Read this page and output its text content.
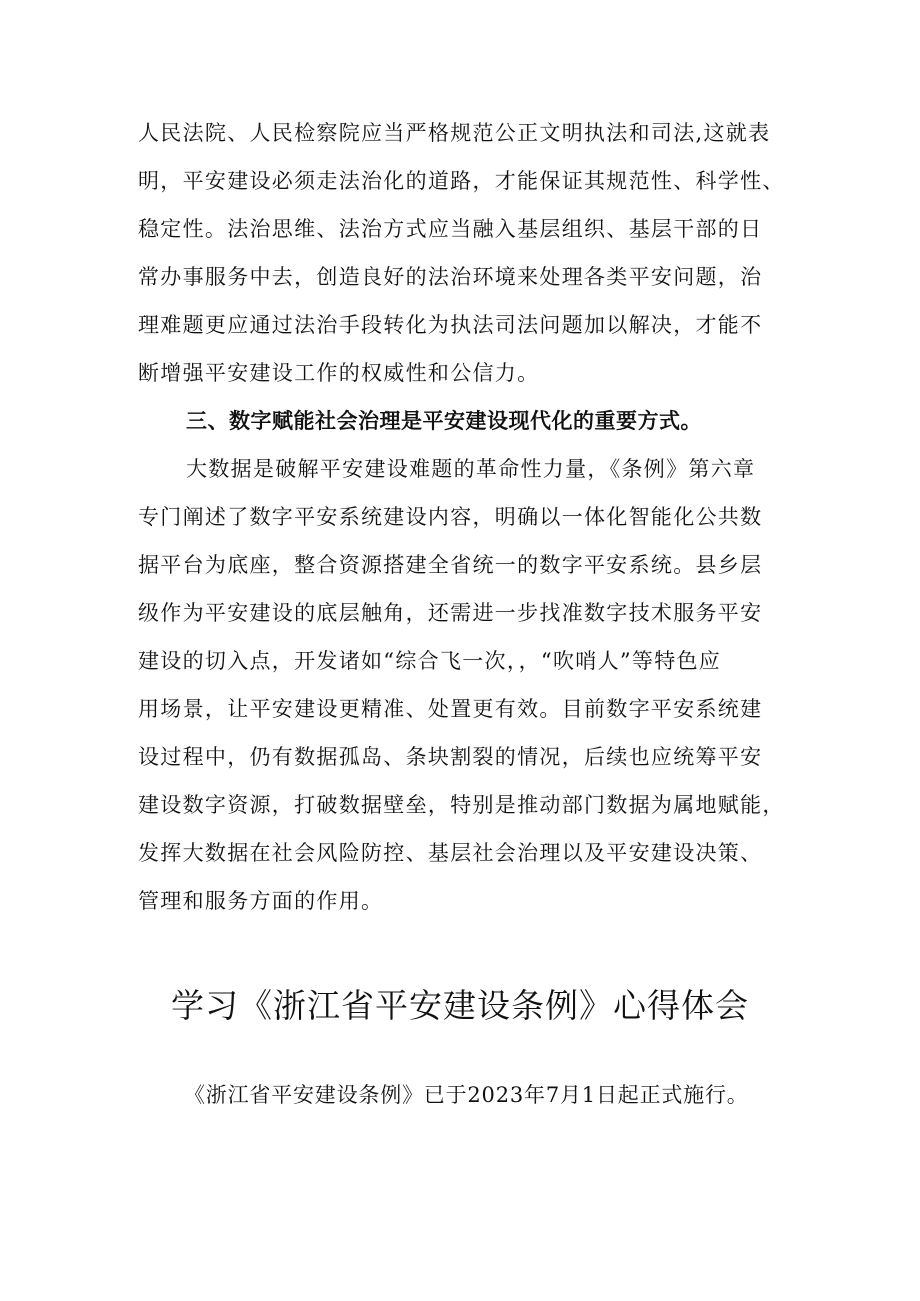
人民法院、人民检察院应当严格规范公正文明执法和司法,这就表
明，平安建设必须走法治化的道路，才能保证其规范性、科学性、
稳定性。法治思维、法治方式应当融入基层组织、基层干部的日
常办事服务中去，创造良好的法治环境来处理各类平安问题，治
理难题更应通过法治手段转化为执法司法问题加以解决，才能不
断增强平安建设工作的权威性和公信力。
三、数字赋能社会治理是平安建设现代化的重要方式。
大数据是破解平安建设难题的革命性力量，《条例》第六章
专门阐述了数字平安系统建设内容，明确以一体化智能化公共数
据平台为底座，整合资源搭建全省统一的数字平安系统。县乡层
级作为平安建设的底层触角，还需进一步找准数字技术服务平安
建设的切入点，开发诸如“综合飞一次，，“吹哨人”等特色应
用场景，让平安建设更精准、处置更有效。目前数字平安系统建
设过程中，仍有数据孤岛、条块割裂的情况，后续也应统筹平安
建设数字资源，打破数据壁垒，特别是推动部门数据为属地赋能，
发挥大数据在社会风险防控、基层社会治理以及平安建设决策、
管理和服务方面的作用。
学习《浙江省平安建设条例》心得体会
《浙江省平安建设条例》已于2023年7月1日起正式施行。
